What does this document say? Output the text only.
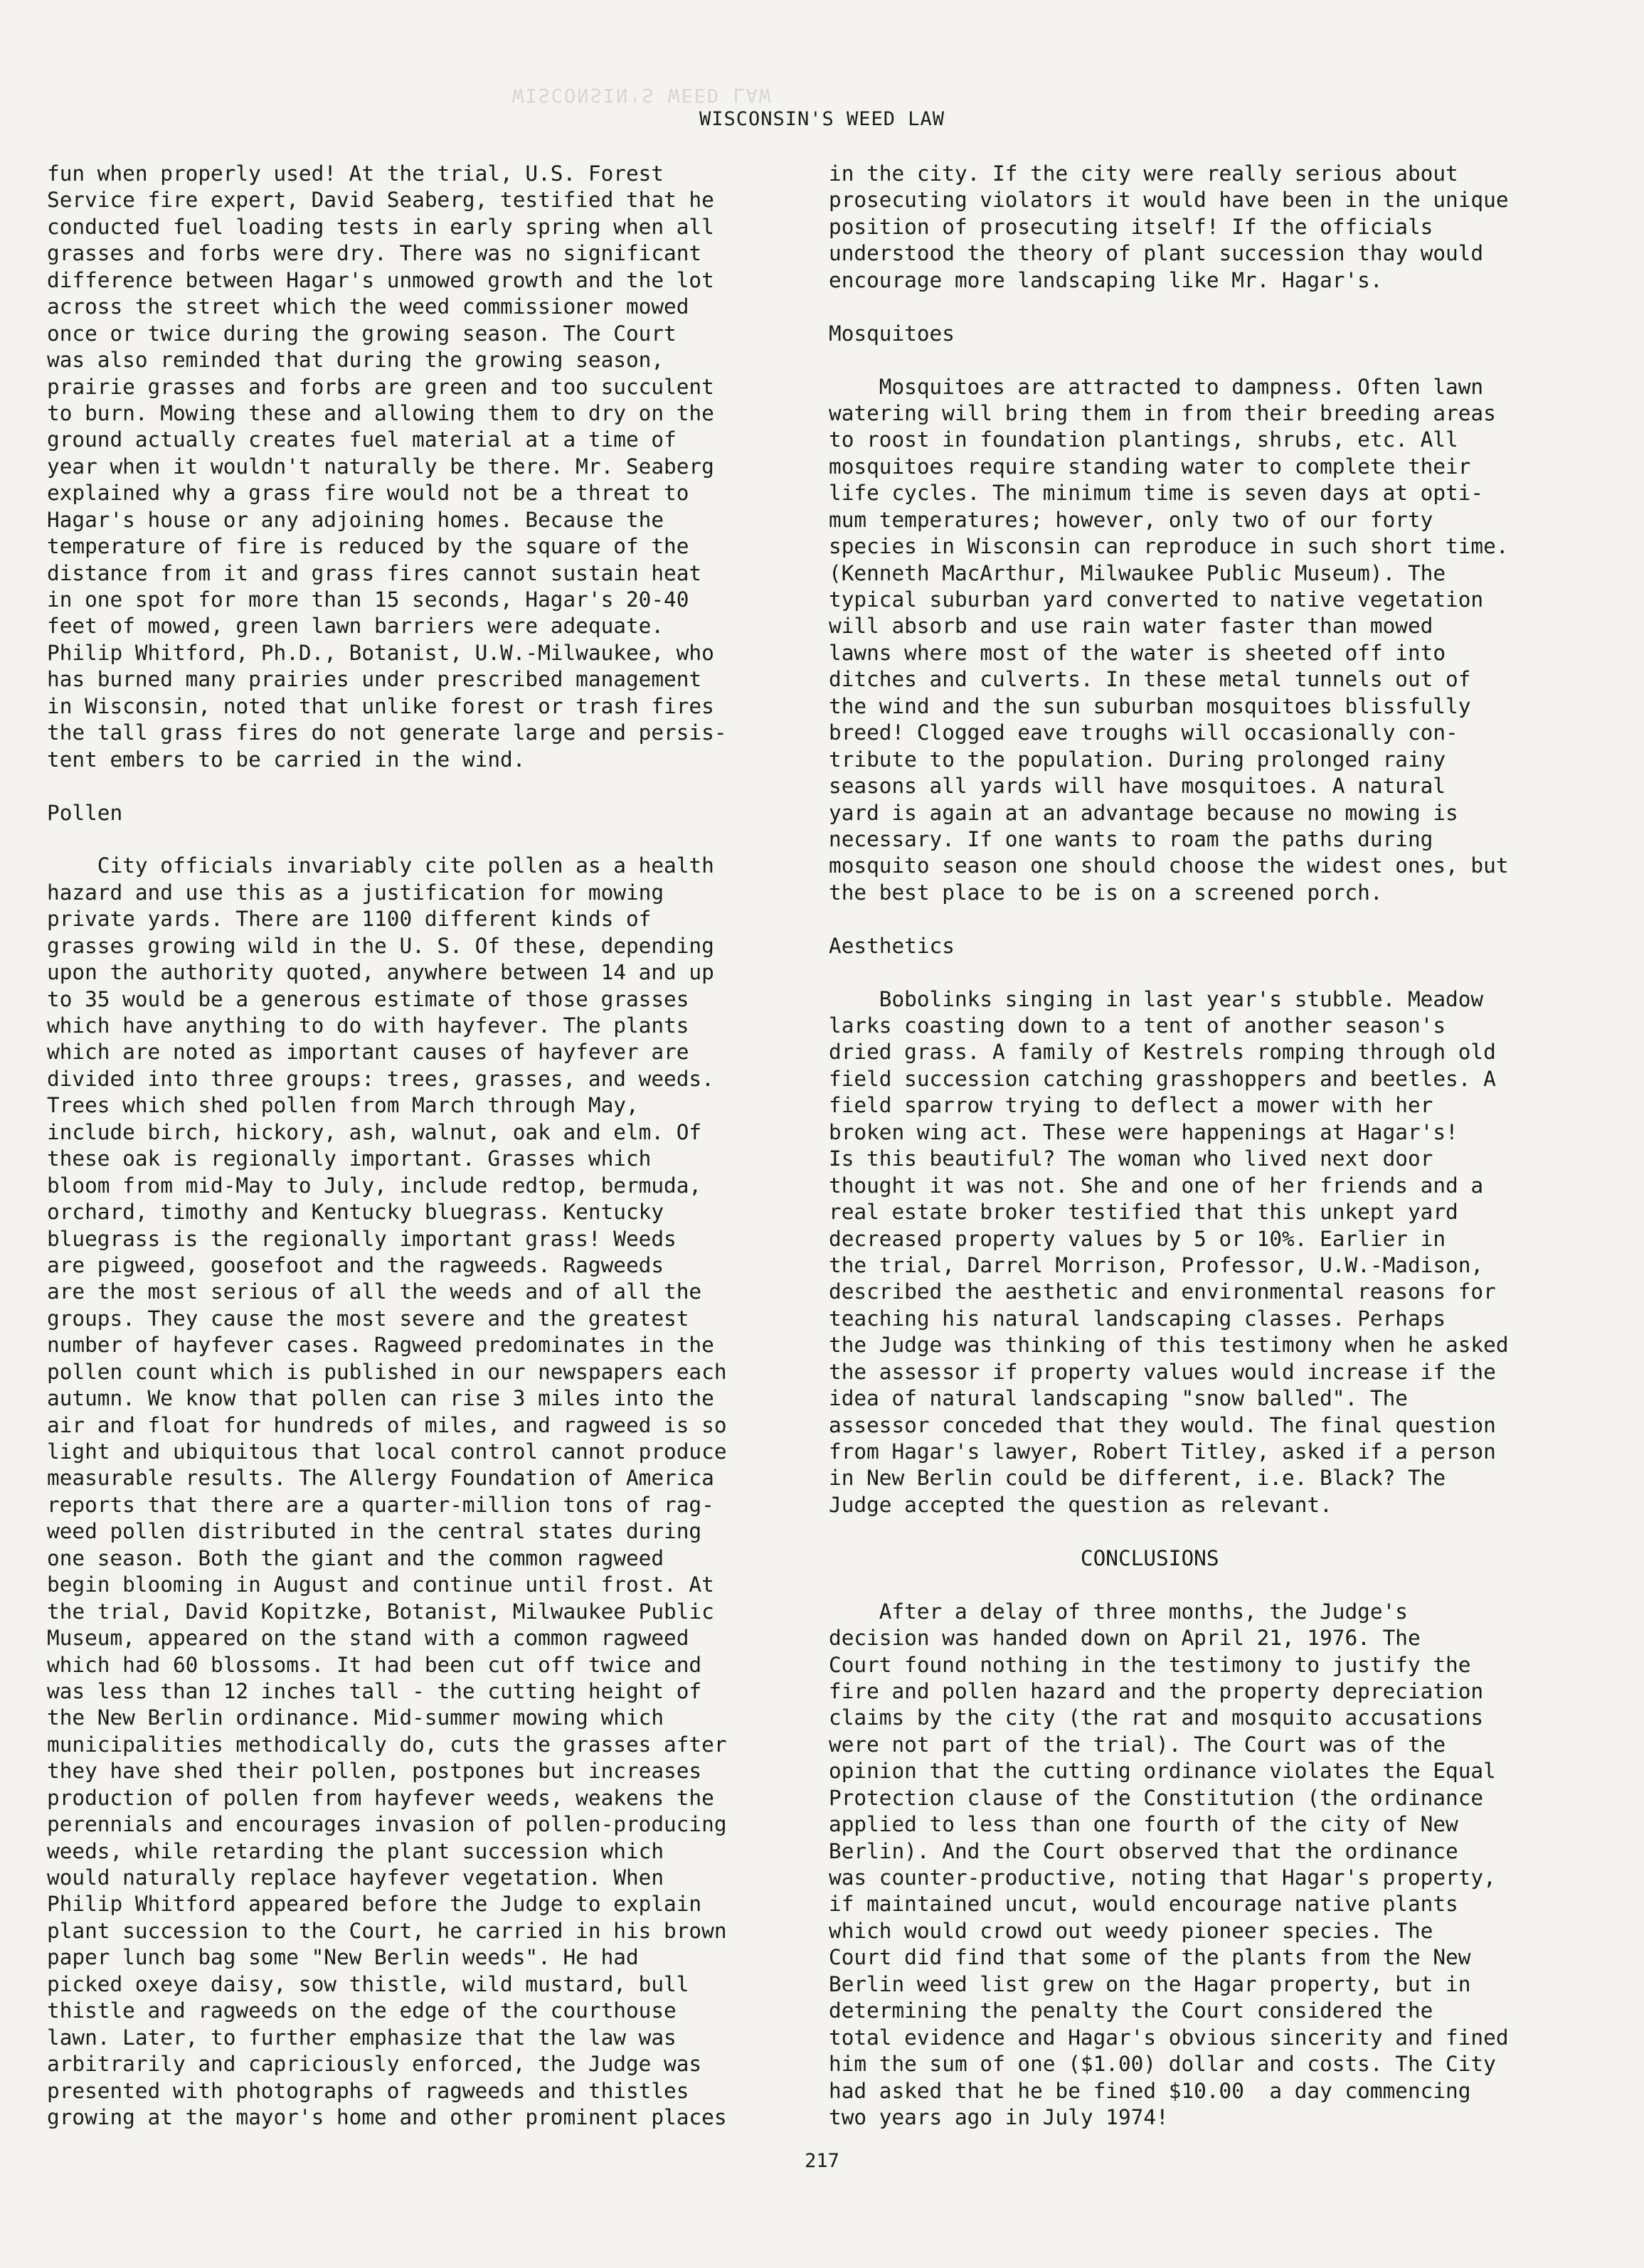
WISCONSIN'S WEED LAW
WISCONSIN'S WEED LAW
fun when properly used! At the trial, U.S. Forest
Service fire expert, David Seaberg, testified that he
conducted fuel loading tests in early spring when all
grasses and forbs were dry. There was no significant
difference between Hagar's unmowed growth and the lot
across the street which the weed commissioner mowed
once or twice during the growing season. The Court
was also reminded that during the growing season,
prairie grasses and forbs are green and too succulent
to burn. Mowing these and allowing them to dry on the
ground actually creates fuel material at a time of
year when it wouldn't naturally be there. Mr. Seaberg
explained why a grass fire would not be a threat to
Hagar's house or any adjoining homes. Because the
temperature of fire is reduced by the square of the
distance from it and grass fires cannot sustain heat
in one spot for more than 15 seconds, Hagar's 20-40
feet of mowed, green lawn barriers were adequate.
Philip Whitford, Ph.D., Botanist, U.W.-Milwaukee, who
has burned many prairies under prescribed management
in Wisconsin, noted that unlike forest or trash fires
the tall grass fires do not generate large and persis-
tent embers to be carried in the wind.
Pollen
City officials invariably cite pollen as a health
hazard and use this as a justification for mowing
private yards. There are 1100 different kinds of
grasses growing wild in the U. S. Of these, depending
upon the authority quoted, anywhere between 14 and up
to 35 would be a generous estimate of those grasses
which have anything to do with hayfever. The plants
which are noted as important causes of hayfever are
divided into three groups: trees, grasses, and weeds.
Trees which shed pollen from March through May,
include birch, hickory, ash, walnut, oak and elm. Of
these oak is regionally important. Grasses which
bloom from mid-May to July, include redtop, bermuda,
orchard, timothy and Kentucky bluegrass. Kentucky
bluegrass is the regionally important grass! Weeds
are pigweed, goosefoot and the ragweeds. Ragweeds
are the most serious of all the weeds and of all the
groups. They cause the most severe and the greatest
number of hayfever cases. Ragweed predominates in the
pollen count which is published in our newspapers each
autumn. We know that pollen can rise 3 miles into the
air and float for hundreds of miles, and ragweed is so
light and ubiquitous that local control cannot produce
measurable results. The Allergy Foundation of America
reports that there are a quarter-million tons of rag-
weed pollen distributed in the central states during
one season. Both the giant and the common ragweed
begin blooming in August and continue until frost. At
the trial, David Kopitzke, Botanist, Milwaukee Public
Museum, appeared on the stand with a common ragweed
which had 60 blossoms. It had been cut off twice and
was less than 12 inches tall - the cutting height of
the New Berlin ordinance. Mid-summer mowing which
municipalities methodically do, cuts the grasses after
they have shed their pollen, postpones but increases
production of pollen from hayfever weeds, weakens the
perennials and encourages invasion of pollen-producing
weeds, while retarding the plant succession which
would naturally replace hayfever vegetation. When
Philip Whitford appeared before the Judge to explain
plant succession to the Court, he carried in his brown
paper lunch bag some "New Berlin weeds". He had
picked oxeye daisy, sow thistle, wild mustard, bull
thistle and ragweeds on the edge of the courthouse
lawn. Later, to further emphasize that the law was
arbitrarily and capriciously enforced, the Judge was
presented with photographs of ragweeds and thistles
growing at the mayor's home and other prominent places
in the city. If the city were really serious about
prosecuting violators it would have been in the unique
position of prosecuting itself! If the officials
understood the theory of plant succession thay would
encourage more landscaping like Mr. Hagar's.
Mosquitoes
Mosquitoes are attracted to dampness. Often lawn
watering will bring them in from their breeding areas
to roost in foundation plantings, shrubs, etc. All
mosquitoes require standing water to complete their
life cycles. The minimum time is seven days at opti-
mum temperatures; however, only two of our forty
species in Wisconsin can reproduce in such short time.
(Kenneth MacArthur, Milwaukee Public Museum). The
typical suburban yard converted to native vegetation
will absorb and use rain water faster than mowed
lawns where most of the water is sheeted off into
ditches and culverts. In these metal tunnels out of
the wind and the sun suburban mosquitoes blissfully
breed! Clogged eave troughs will occasionally con-
tribute to the population. During prolonged rainy
seasons all yards will have mosquitoes. A natural
yard is again at an advantage because no mowing is
necessary. If one wants to roam the paths during
mosquito season one should choose the widest ones, but
the best place to be is on a screened porch.
Aesthetics
Bobolinks singing in last year's stubble. Meadow
larks coasting down to a tent of another season's
dried grass. A family of Kestrels romping through old
field succession catching grasshoppers and beetles. A
field sparrow trying to deflect a mower with her
broken wing act. These were happenings at Hagar's!
Is this beautiful? The woman who lived next door
thought it was not. She and one of her friends and a
real estate broker testified that this unkept yard
decreased property values by 5 or 10%. Earlier in
the trial, Darrel Morrison, Professor, U.W.-Madison,
described the aesthetic and environmental reasons for
teaching his natural landscaping classes. Perhaps
the Judge was thinking of this testimony when he asked
the assessor if property values would increase if the
idea of natural landscaping "snow balled". The
assessor conceded that they would. The final question
from Hagar's lawyer, Robert Titley, asked if a person
in New Berlin could be different, i.e. Black? The
Judge accepted the question as relevant.
CONCLUSIONS
After a delay of three months, the Judge's
decision was handed down on April 21, 1976. The
Court found nothing in the testimony to justify the
fire and pollen hazard and the property depreciation
claims by the city (the rat and mosquito accusations
were not part of the trial). The Court was of the
opinion that the cutting ordinance violates the Equal
Protection clause of the Constitution (the ordinance
applied to less than one fourth of the city of New
Berlin). And the Court observed that the ordinance
was counter-productive, noting that Hagar's property,
if maintained uncut, would encourage native plants
which would crowd out weedy pioneer species. The
Court did find that some of the plants from the New
Berlin weed list grew on the Hagar property, but in
determining the penalty the Court considered the
total evidence and Hagar's obvious sincerity and fined
him the sum of one ($1.00) dollar and costs. The City
had asked that he be fined $10.00  a day commencing
two years ago in July 1974!
217
